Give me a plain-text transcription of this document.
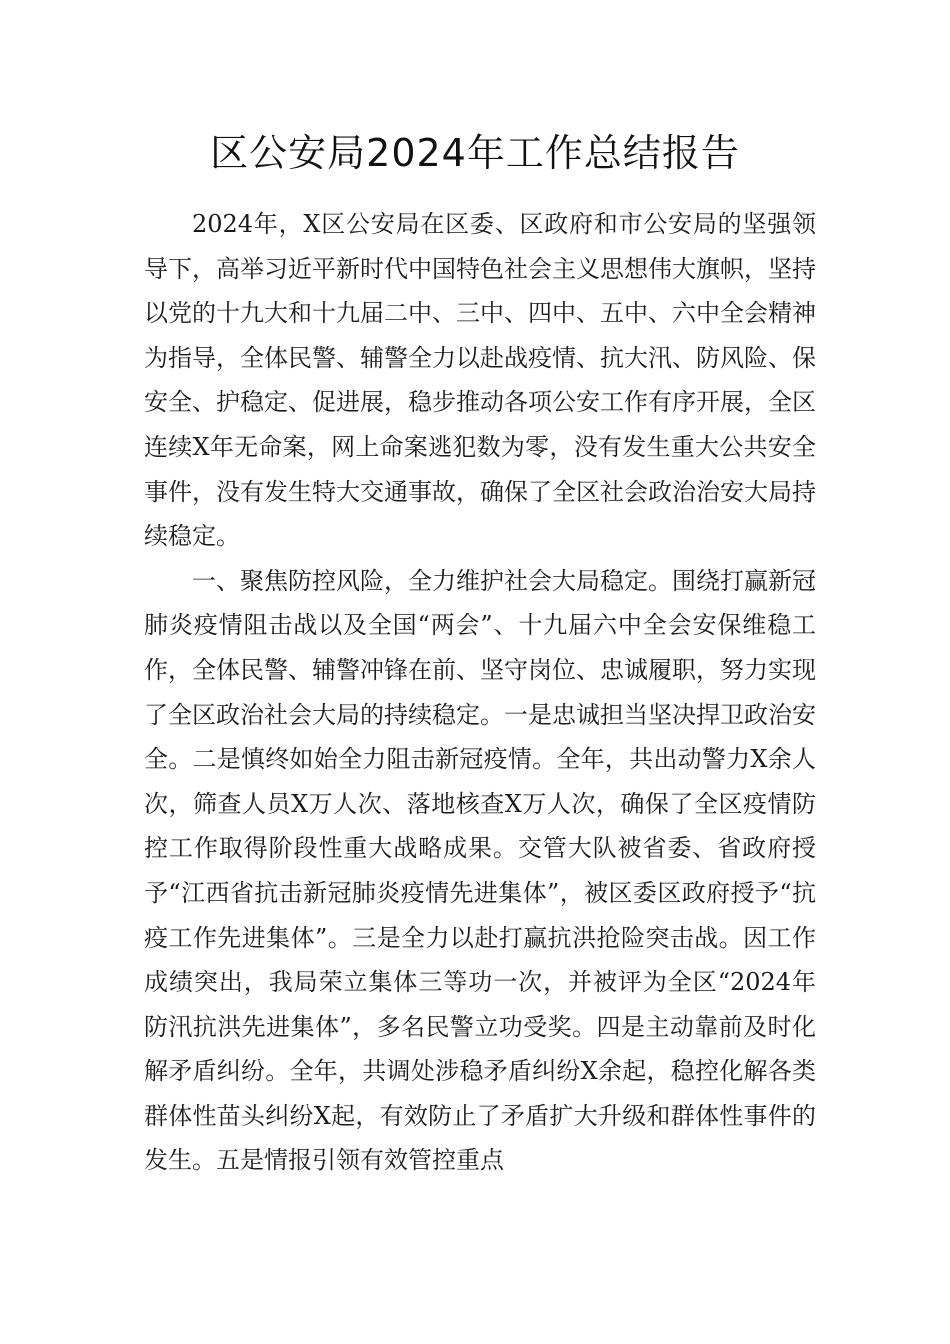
区公安局2024年工作总结报告

2024年，X区公安局在区委、区政府和市公安局的坚强领导下，高举习近平新时代中国特色社会主义思想伟大旗帜，坚持以党的十九大和十九届二中、三中、四中、五中、六中全会精神为指导，全体民警、辅警全力以赴战疫情、抗大汛、防风险、保安全、护稳定、促进展，稳步推动各项公安工作有序开展，全区连续X年无命案，网上命案逃犯数为零，没有发生重大公共安全事件，没有发生特大交通事故，确保了全区社会政治治安大局持续稳定。

一、聚焦防控风险，全力维护社会大局稳定。围绕打赢新冠肺炎疫情阻击战以及全国“两会”、十九届六中全会安保维稳工作，全体民警、辅警冲锋在前、坚守岗位、忠诚履职，努力实现了全区政治社会大局的持续稳定。一是忠诚担当坚决捍卫政治安全。二是慎终如始全力阻击新冠疫情。全年，共出动警力X余人次，筛查人员X万人次、落地核查X万人次，确保了全区疫情防控工作取得阶段性重大战略成果。交管大队被省委、省政府授予“江西省抗击新冠肺炎疫情先进集体”，被区委区政府授予“抗疫工作先进集体”。三是全力以赴打赢抗洪抢险突击战。因工作成绩突出，我局荣立集体三等功一次，并被评为全区“2024年防汛抗洪先进集体”，多名民警立功受奖。四是主动靠前及时化解矛盾纠纷。全年，共调处涉稳矛盾纠纷X余起，稳控化解各类群体性苗头纠纷X起，有效防止了矛盾扩大升级和群体性事件的发生。五是情报引领有效管控重点
